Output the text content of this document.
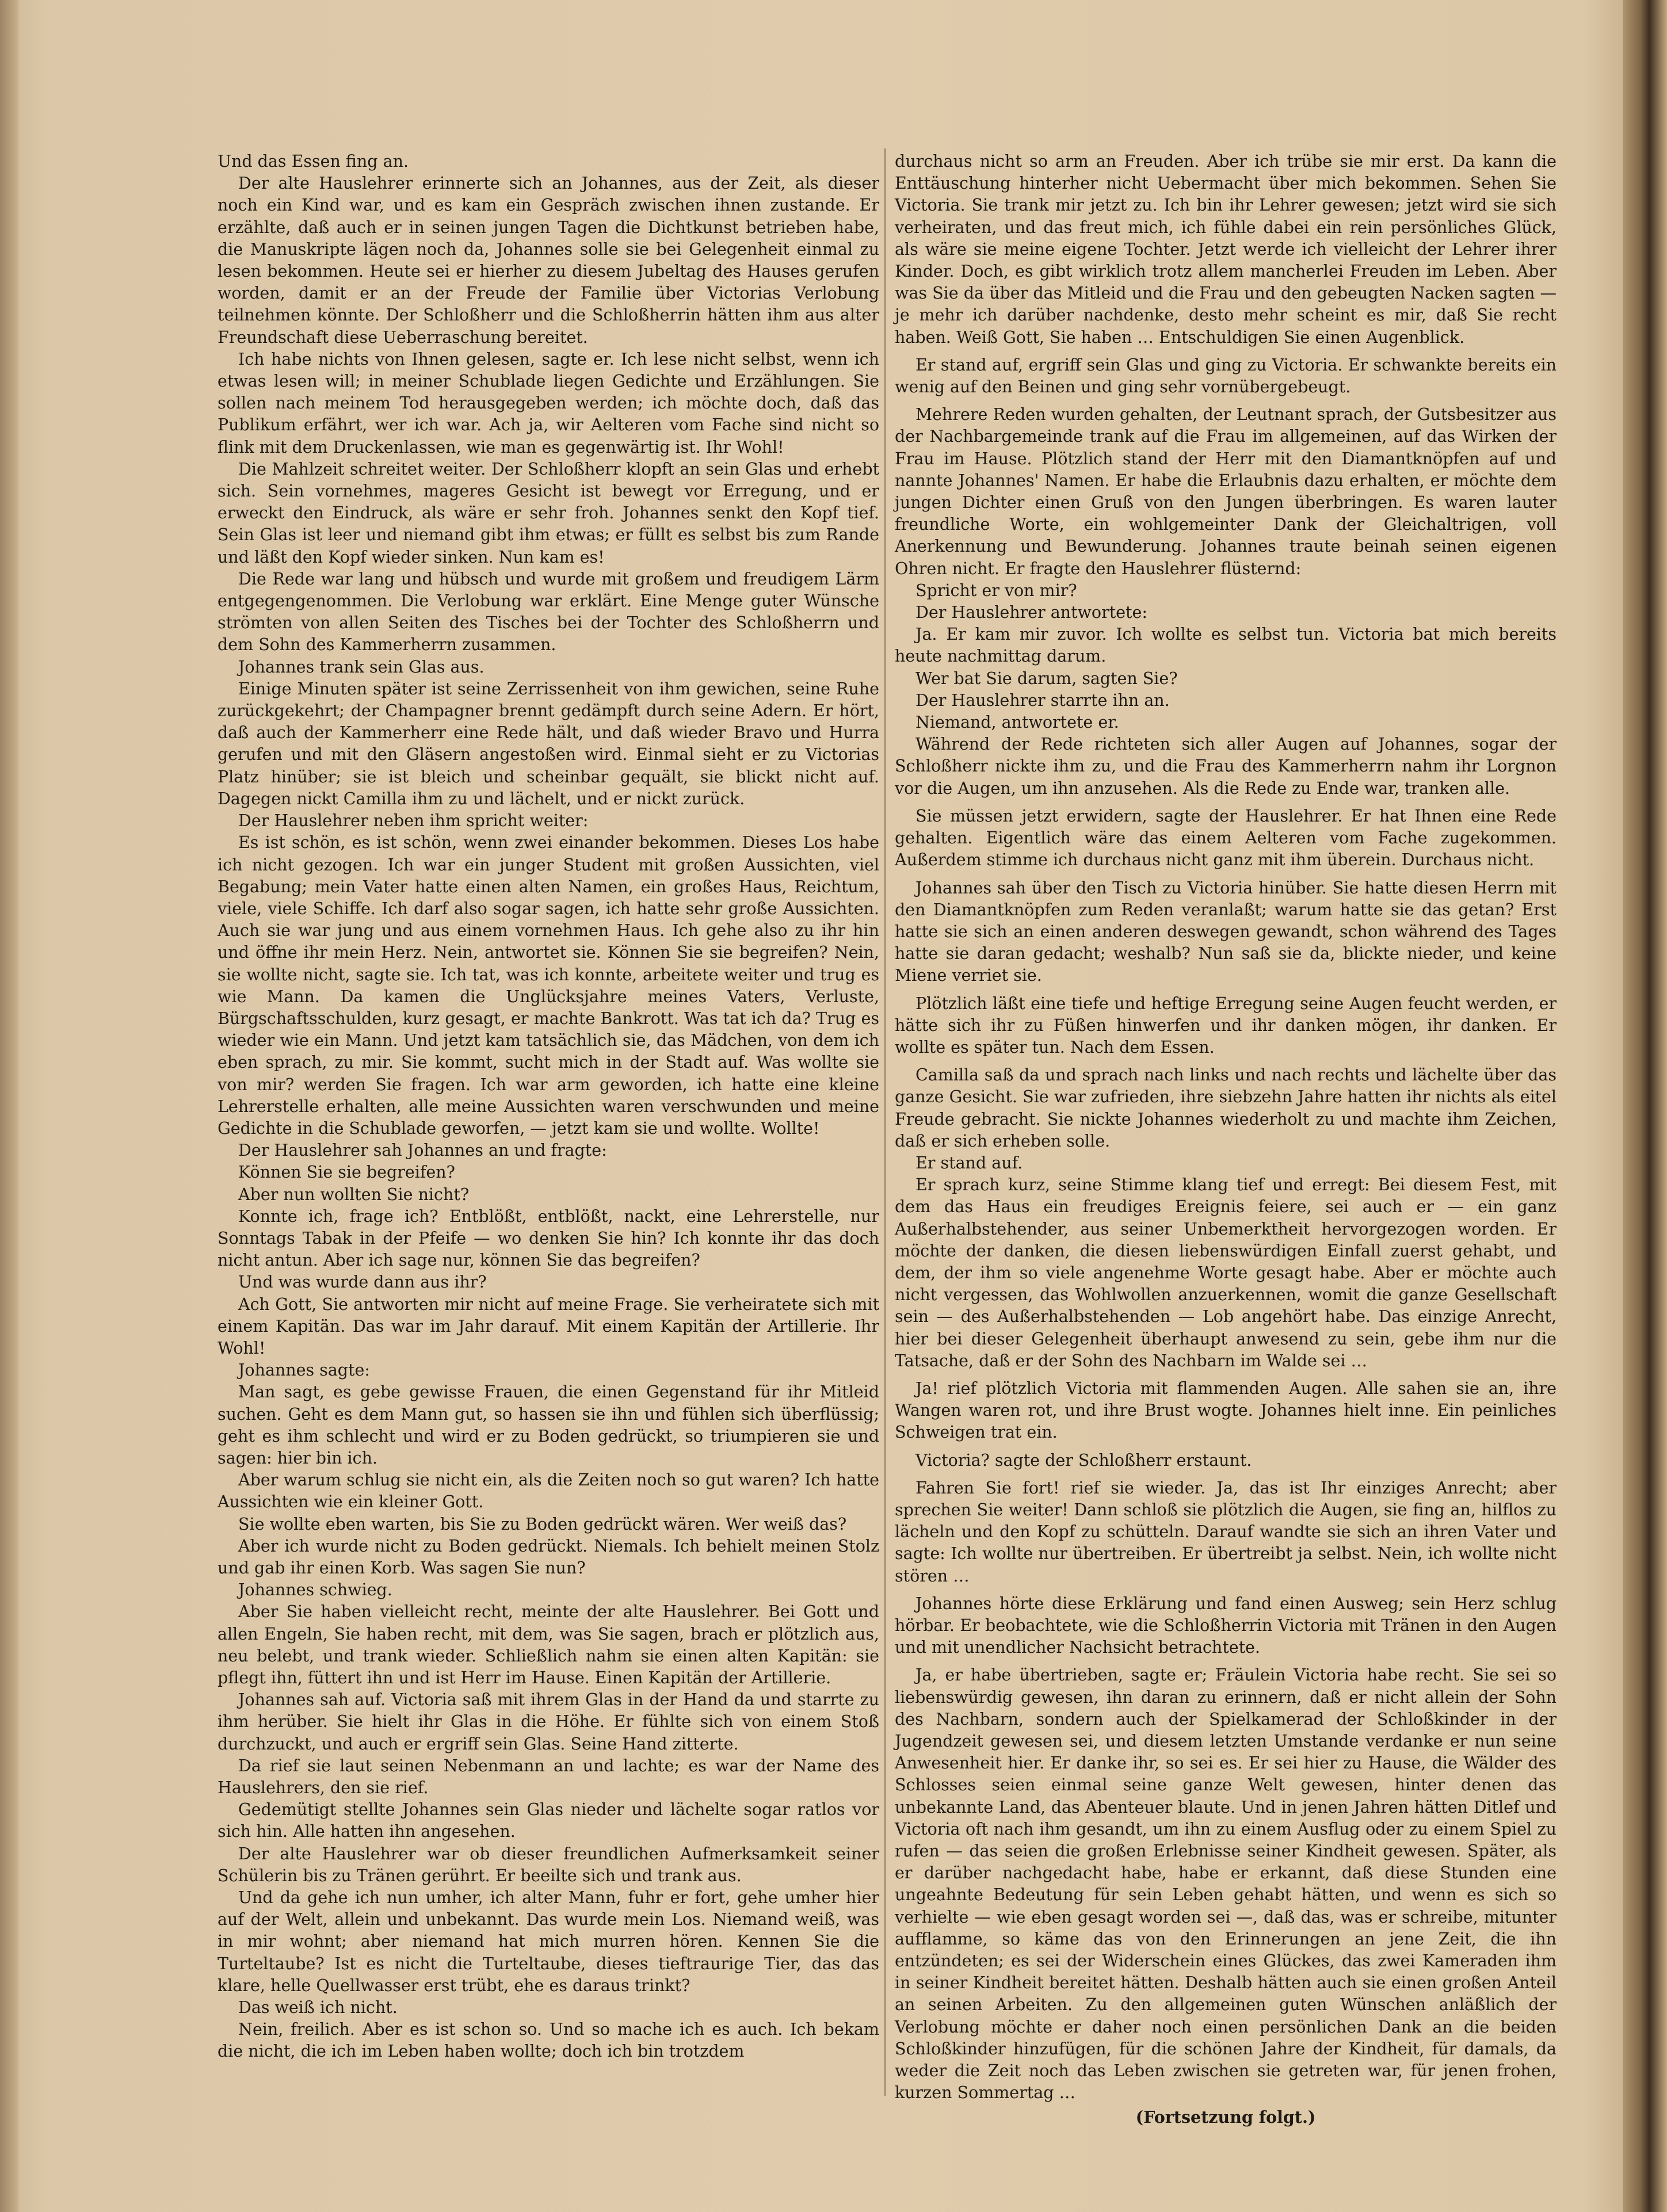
Und das Essen fing an.

Der alte Hauslehrer erinnerte sich an Johannes, aus der Zeit, als dieser noch ein Kind war, und es kam ein Gespräch zwischen ihnen zustande. Er erzählte, daß auch er in seinen jungen Tagen die Dichtkunst betrieben habe, die Manuskripte lägen noch da, Johannes solle sie bei Gelegenheit einmal zu lesen bekommen. Heute sei er hierher zu diesem Jubeltag des Hauses gerufen worden, damit er an der Freude der Familie über Victorias Verlobung teilnehmen könnte. Der Schloßherr und die Schloßherrin hätten ihm aus alter Freundschaft diese Ueberraschung bereitet.

Ich habe nichts von Ihnen gelesen, sagte er. Ich lese nicht selbst, wenn ich etwas lesen will; in meiner Schublade liegen Gedichte und Erzählungen. Sie sollen nach meinem Tod herausgegeben werden; ich möchte doch, daß das Publikum erfährt, wer ich war. Ach ja, wir Aelteren vom Fache sind nicht so flink mit dem Druckenlassen, wie man es gegenwärtig ist. Ihr Wohl!

Die Mahlzeit schreitet weiter. Der Schloßherr klopft an sein Glas und erhebt sich. Sein vornehmes, mageres Gesicht ist bewegt vor Erregung, und er erweckt den Eindruck, als wäre er sehr froh. Johannes senkt den Kopf tief. Sein Glas ist leer und niemand gibt ihm etwas; er füllt es selbst bis zum Rande und läßt den Kopf wieder sinken. Nun kam es!

Die Rede war lang und hübsch und wurde mit großem und freudigem Lärm entgegengenommen. Die Verlobung war erklärt. Eine Menge guter Wünsche strömten von allen Seiten des Tisches bei der Tochter des Schloßherrn und dem Sohn des Kammerherrn zusammen.

Johannes trank sein Glas aus.

Einige Minuten später ist seine Zerrissenheit von ihm gewichen, seine Ruhe zurückgekehrt; der Champagner brennt gedämpft durch seine Adern. Er hört, daß auch der Kammerherr eine Rede hält, und daß wieder Bravo und Hurra gerufen und mit den Gläsern angestoßen wird. Einmal sieht er zu Victorias Platz hinüber; sie ist bleich und scheinbar gequält, sie blickt nicht auf. Dagegen nickt Camilla ihm zu und lächelt, und er nickt zurück.

Der Hauslehrer neben ihm spricht weiter:

Es ist schön, es ist schön, wenn zwei einander bekommen. Dieses Los habe ich nicht gezogen. Ich war ein junger Student mit großen Aussichten, viel Begabung; mein Vater hatte einen alten Namen, ein großes Haus, Reichtum, viele, viele Schiffe. Ich darf also sogar sagen, ich hatte sehr große Aussichten. Auch sie war jung und aus einem vornehmen Haus. Ich gehe also zu ihr hin und öffne ihr mein Herz. Nein, antwortet sie. Können Sie sie begreifen? Nein, sie wollte nicht, sagte sie. Ich tat, was ich konnte, arbeitete weiter und trug es wie Mann. Da kamen die Unglücksjahre meines Vaters, Verluste, Bürgschaftsschulden, kurz gesagt, er machte Bankrott. Was tat ich da? Trug es wieder wie ein Mann. Und jetzt kam tatsächlich sie, das Mädchen, von dem ich eben sprach, zu mir. Sie kommt, sucht mich in der Stadt auf. Was wollte sie von mir? werden Sie fragen. Ich war arm geworden, ich hatte eine kleine Lehrerstelle erhalten, alle meine Aussichten waren verschwunden und meine Gedichte in die Schublade geworfen, — jetzt kam sie und wollte. Wollte!

Der Hauslehrer sah Johannes an und fragte:

Können Sie sie begreifen?

Aber nun wollten Sie nicht?

Konnte ich, frage ich? Entblößt, entblößt, nackt, eine Lehrerstelle, nur Sonntags Tabak in der Pfeife — wo denken Sie hin? Ich konnte ihr das doch nicht antun. Aber ich sage nur, können Sie das begreifen?

Und was wurde dann aus ihr?

Ach Gott, Sie antworten mir nicht auf meine Frage. Sie verheiratete sich mit einem Kapitän. Das war im Jahr darauf. Mit einem Kapitän der Artillerie. Ihr Wohl!

Johannes sagte:

Man sagt, es gebe gewisse Frauen, die einen Gegenstand für ihr Mitleid suchen. Geht es dem Mann gut, so hassen sie ihn und fühlen sich überflüssig; geht es ihm schlecht und wird er zu Boden gedrückt, so triumpieren sie und sagen: hier bin ich.

Aber warum schlug sie nicht ein, als die Zeiten noch so gut waren? Ich hatte Aussichten wie ein kleiner Gott.

Sie wollte eben warten, bis Sie zu Boden gedrückt wären. Wer weiß das?

Aber ich wurde nicht zu Boden gedrückt. Niemals. Ich behielt meinen Stolz und gab ihr einen Korb. Was sagen Sie nun?

Johannes schwieg.

Aber Sie haben vielleicht recht, meinte der alte Hauslehrer. Bei Gott und allen Engeln, Sie haben recht, mit dem, was Sie sagen, brach er plötzlich aus, neu belebt, und trank wieder. Schließlich nahm sie einen alten Kapitän: sie pflegt ihn, füttert ihn und ist Herr im Hause. Einen Kapitän der Artillerie.

Johannes sah auf. Victoria saß mit ihrem Glas in der Hand da und starrte zu ihm herüber. Sie hielt ihr Glas in die Höhe. Er fühlte sich von einem Stoß durchzuckt, und auch er ergriff sein Glas. Seine Hand zitterte.

Da rief sie laut seinen Nebenmann an und lachte; es war der Name des Hauslehrers, den sie rief.

Gedemütigt stellte Johannes sein Glas nieder und lächelte sogar ratlos vor sich hin. Alle hatten ihn angesehen.

Der alte Hauslehrer war ob dieser freundlichen Aufmerksamkeit seiner Schülerin bis zu Tränen gerührt. Er beeilte sich und trank aus.

Und da gehe ich nun umher, ich alter Mann, fuhr er fort, gehe umher hier auf der Welt, allein und unbekannt. Das wurde mein Los. Niemand weiß, was in mir wohnt; aber niemand hat mich murren hören. Kennen Sie die Turteltaube? Ist es nicht die Turteltaube, dieses tieftraurige Tier, das das klare, helle Quellwasser erst trübt, ehe es daraus trinkt?

Das weiß ich nicht.

Nein, freilich. Aber es ist schon so. Und so mache ich es auch. Ich bekam die nicht, die ich im Leben haben wollte; doch ich bin trotzdem

durchaus nicht so arm an Freuden. Aber ich trübe sie mir erst. Da kann die Enttäuschung hinterher nicht Uebermacht über mich bekommen. Sehen Sie Victoria. Sie trank mir jetzt zu. Ich bin ihr Lehrer gewesen; jetzt wird sie sich verheiraten, und das freut mich, ich fühle dabei ein rein persönliches Glück, als wäre sie meine eigene Tochter. Jetzt werde ich vielleicht der Lehrer ihrer Kinder. Doch, es gibt wirklich trotz allem mancherlei Freuden im Leben. Aber was Sie da über das Mitleid und die Frau und den gebeugten Nacken sagten — je mehr ich darüber nachdenke, desto mehr scheint es mir, daß Sie recht haben. Weiß Gott, Sie haben … Entschuldigen Sie einen Augenblick.

Er stand auf, ergriff sein Glas und ging zu Victoria. Er schwankte bereits ein wenig auf den Beinen und ging sehr vornübergebeugt.

Mehrere Reden wurden gehalten, der Leutnant sprach, der Gutsbesitzer aus der Nachbargemeinde trank auf die Frau im allgemeinen, auf das Wirken der Frau im Hause. Plötzlich stand der Herr mit den Diamantknöpfen auf und nannte Johannes' Namen. Er habe die Erlaubnis dazu erhalten, er möchte dem jungen Dichter einen Gruß von den Jungen überbringen. Es waren lauter freundliche Worte, ein wohlgemeinter Dank der Gleichaltrigen, voll Anerkennung und Bewunderung. Johannes traute beinah seinen eigenen Ohren nicht. Er fragte den Hauslehrer flüsternd:

Spricht er von mir?

Der Hauslehrer antwortete:

Ja. Er kam mir zuvor. Ich wollte es selbst tun. Victoria bat mich bereits heute nachmittag darum.

Wer bat Sie darum, sagten Sie?

Der Hauslehrer starrte ihn an.

Niemand, antwortete er.

Während der Rede richteten sich aller Augen auf Johannes, sogar der Schloßherr nickte ihm zu, und die Frau des Kammerherrn nahm ihr Lorgnon vor die Augen, um ihn anzusehen. Als die Rede zu Ende war, tranken alle.

Sie müssen jetzt erwidern, sagte der Hauslehrer. Er hat Ihnen eine Rede gehalten. Eigentlich wäre das einem Aelteren vom Fache zugekommen. Außerdem stimme ich durchaus nicht ganz mit ihm überein. Durchaus nicht.

Johannes sah über den Tisch zu Victoria hinüber. Sie hatte diesen Herrn mit den Diamantknöpfen zum Reden veranlaßt; warum hatte sie das getan? Erst hatte sie sich an einen anderen deswegen gewandt, schon während des Tages hatte sie daran gedacht; weshalb? Nun saß sie da, blickte nieder, und keine Miene verriet sie.

Plötzlich läßt eine tiefe und heftige Erregung seine Augen feucht werden, er hätte sich ihr zu Füßen hinwerfen und ihr danken mögen, ihr danken. Er wollte es später tun. Nach dem Essen.

Camilla saß da und sprach nach links und nach rechts und lächelte über das ganze Gesicht. Sie war zufrieden, ihre siebzehn Jahre hatten ihr nichts als eitel Freude gebracht. Sie nickte Johannes wiederholt zu und machte ihm Zeichen, daß er sich erheben solle.

Er stand auf.

Er sprach kurz, seine Stimme klang tief und erregt: Bei diesem Fest, mit dem das Haus ein freudiges Ereignis feiere, sei auch er — ein ganz Außerhalbstehender, aus seiner Unbemerktheit hervorgezogen worden. Er möchte der danken, die diesen liebenswürdigen Einfall zuerst gehabt, und dem, der ihm so viele angenehme Worte gesagt habe. Aber er möchte auch nicht vergessen, das Wohlwollen anzuerkennen, womit die ganze Gesellschaft sein — des Außerhalbstehenden — Lob angehört habe. Das einzige Anrecht, hier bei dieser Gelegenheit überhaupt anwesend zu sein, gebe ihm nur die Tatsache, daß er der Sohn des Nachbarn im Walde sei …

Ja! rief plötzlich Victoria mit flammenden Augen. Alle sahen sie an, ihre Wangen waren rot, und ihre Brust wogte. Johannes hielt inne. Ein peinliches Schweigen trat ein.

Victoria? sagte der Schloßherr erstaunt.

Fahren Sie fort! rief sie wieder. Ja, das ist Ihr einziges Anrecht; aber sprechen Sie weiter! Dann schloß sie plötzlich die Augen, sie fing an, hilflos zu lächeln und den Kopf zu schütteln. Darauf wandte sie sich an ihren Vater und sagte: Ich wollte nur übertreiben. Er übertreibt ja selbst. Nein, ich wollte nicht stören …

Johannes hörte diese Erklärung und fand einen Ausweg; sein Herz schlug hörbar. Er beobachtete, wie die Schloßherrin Victoria mit Tränen in den Augen und mit unendlicher Nachsicht betrachtete.

Ja, er habe übertrieben, sagte er; Fräulein Victoria habe recht. Sie sei so liebenswürdig gewesen, ihn daran zu erinnern, daß er nicht allein der Sohn des Nachbarn, sondern auch der Spielkamerad der Schloßkinder in der Jugendzeit gewesen sei, und diesem letzten Umstande verdanke er nun seine Anwesenheit hier. Er danke ihr, so sei es. Er sei hier zu Hause, die Wälder des Schlosses seien einmal seine ganze Welt gewesen, hinter denen das unbekannte Land, das Abenteuer blaute. Und in jenen Jahren hätten Ditlef und Victoria oft nach ihm gesandt, um ihn zu einem Ausflug oder zu einem Spiel zu rufen — das seien die großen Erlebnisse seiner Kindheit gewesen. Später, als er darüber nachgedacht habe, habe er erkannt, daß diese Stunden eine ungeahnte Bedeutung für sein Leben gehabt hätten, und wenn es sich so verhielte — wie eben gesagt worden sei —, daß das, was er schreibe, mitunter aufflamme, so käme das von den Erinnerungen an jene Zeit, die ihn entzündeten; es sei der Widerschein eines Glückes, das zwei Kameraden ihm in seiner Kindheit bereitet hätten. Deshalb hätten auch sie einen großen Anteil an seinen Arbeiten. Zu den allgemeinen guten Wünschen anläßlich der Verlobung möchte er daher noch einen persönlichen Dank an die beiden Schloßkinder hinzufügen, für die schönen Jahre der Kindheit, für damals, da weder die Zeit noch das Leben zwischen sie getreten war, für jenen frohen, kurzen Sommertag …

(Fortsetzung folgt.)
